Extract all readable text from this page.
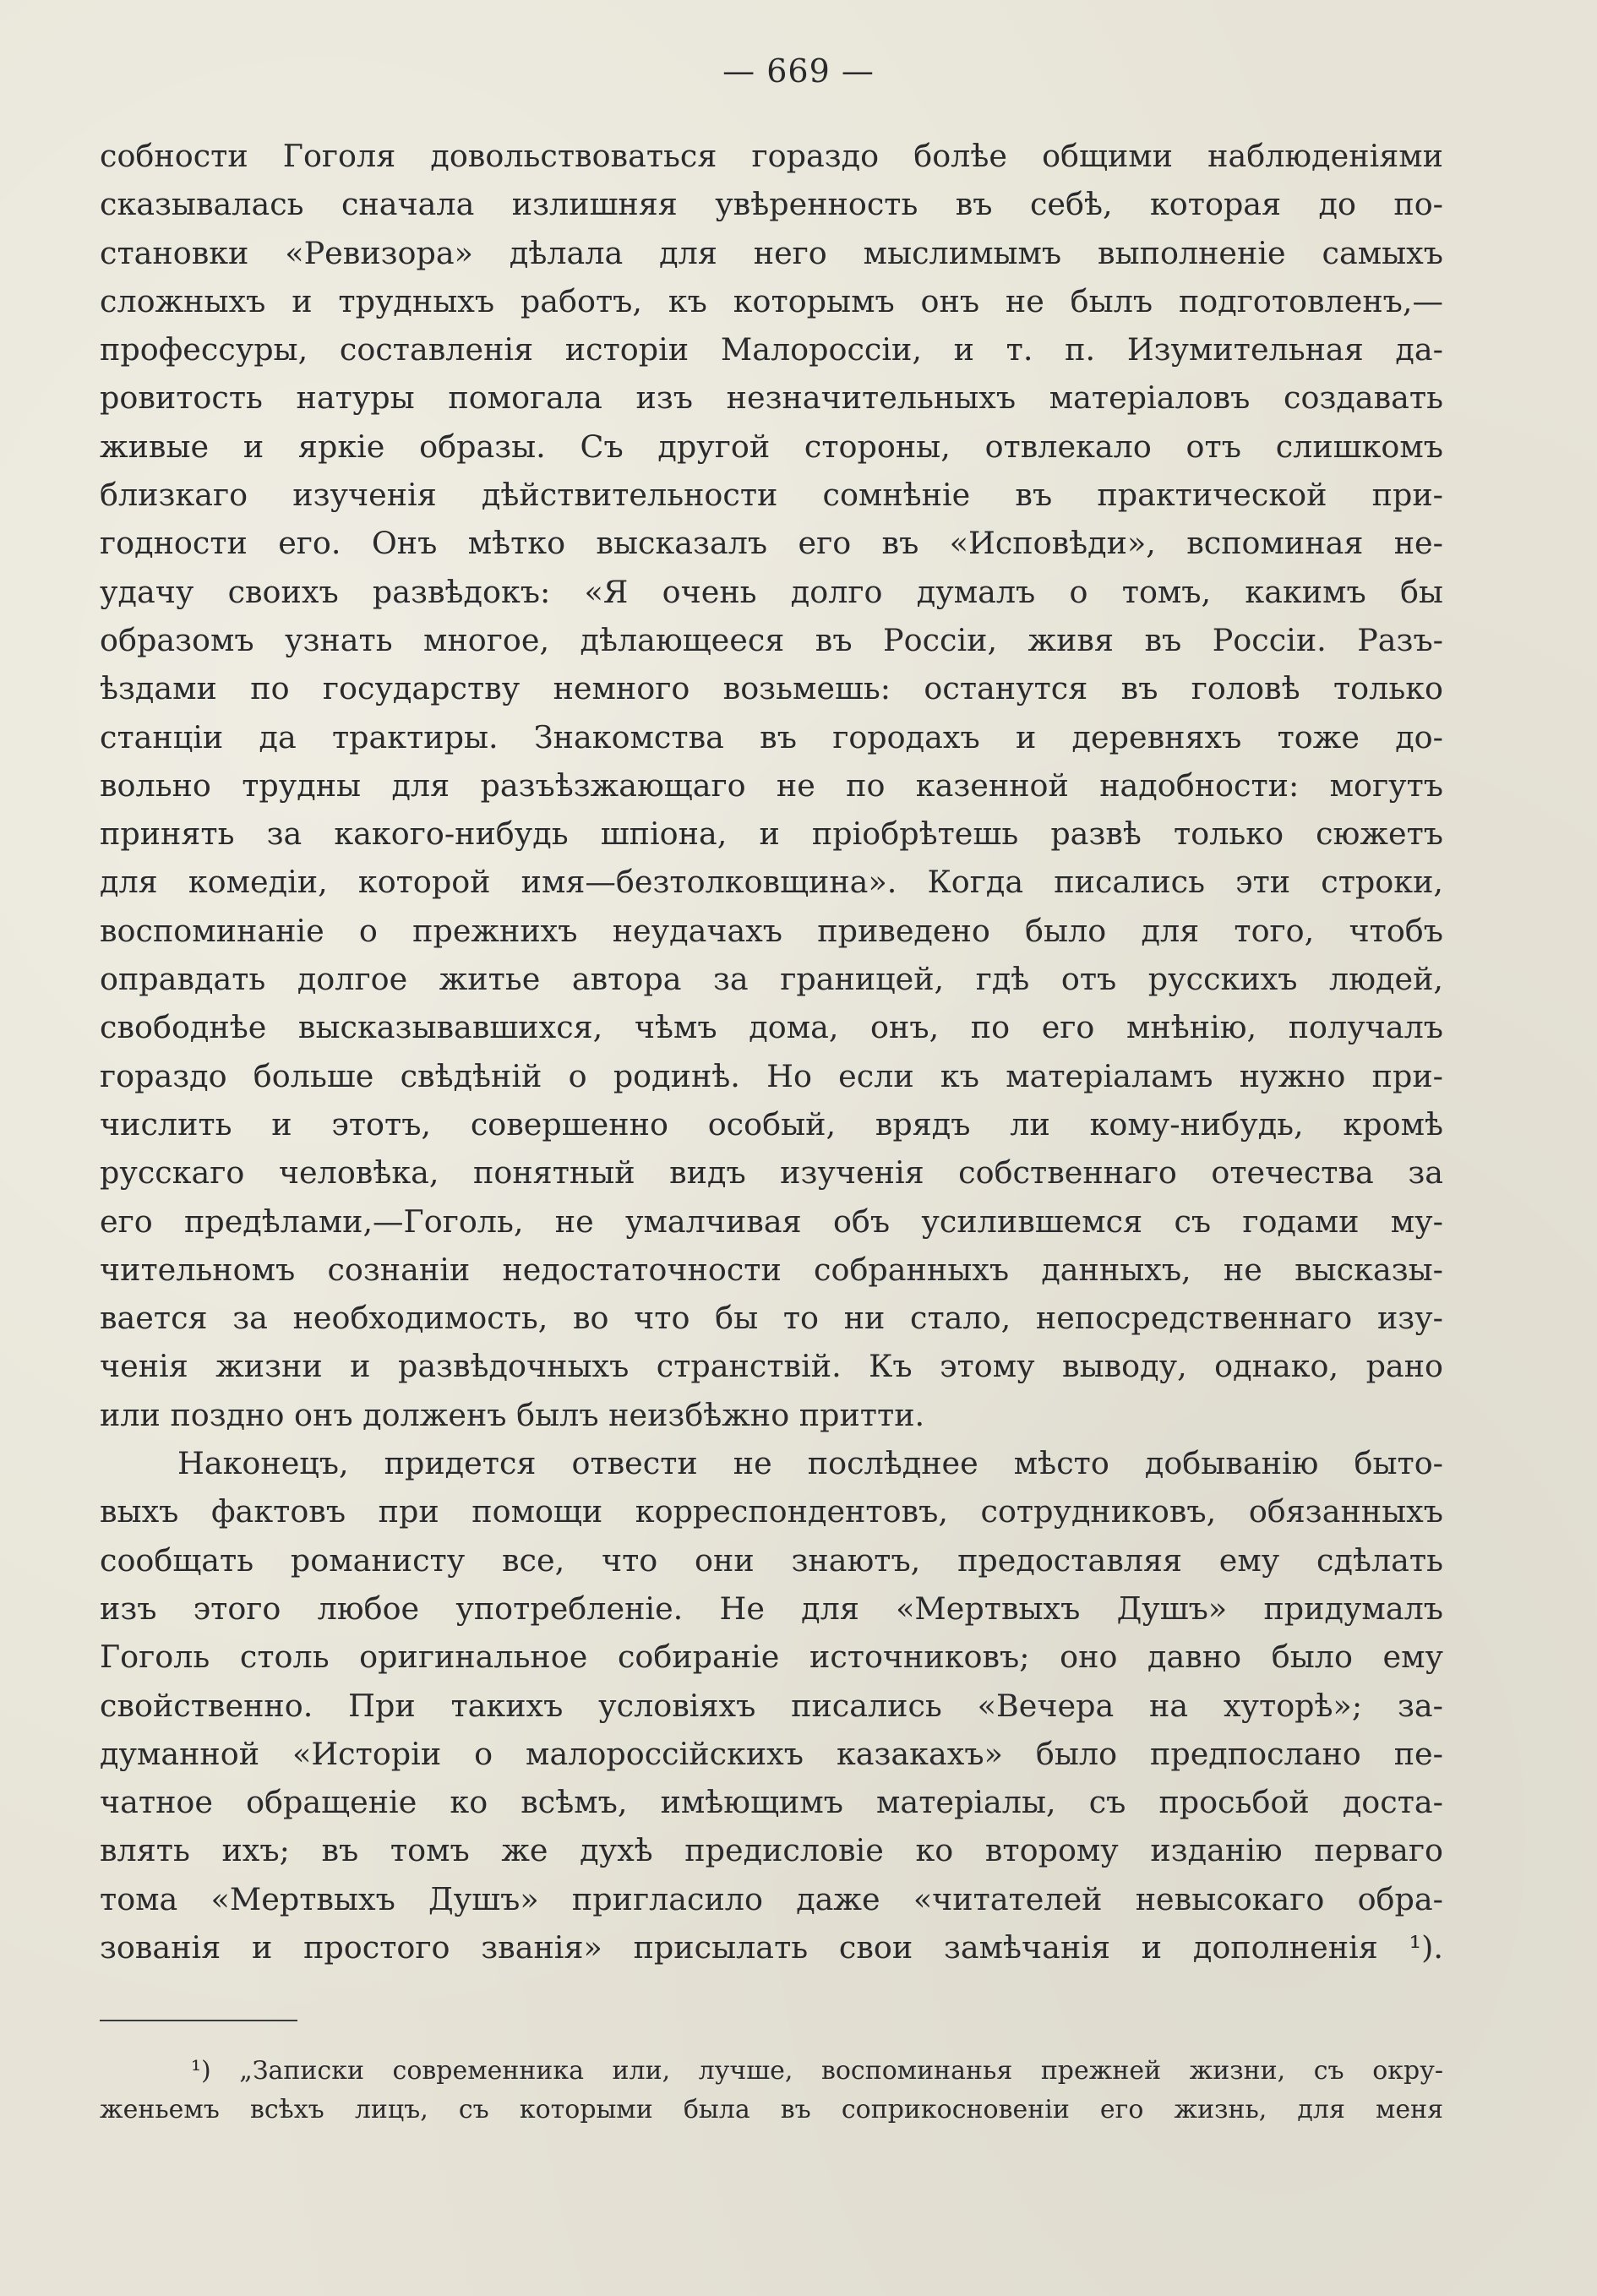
— 669 —
собности Гоголя довольствоваться гораздо болѣе общими наблюденіями
сказывалась сначала излишняя увѣренность въ себѣ, которая до по-
становки «Ревизора» дѣлала для него мыслимымъ выполненіе самыхъ
сложныхъ и трудныхъ работъ, къ которымъ онъ не былъ подготовленъ,—
профессуры, составленія исторіи Малороссіи, и т. п. Изумительная да-
ровитость натуры помогала изъ незначительныхъ матеріаловъ создавать
живые и яркіе образы. Съ другой стороны, отвлекало отъ слишкомъ
близкаго изученія дѣйствительности сомнѣніе въ практической при-
годности его. Онъ мѣтко высказалъ его въ «Исповѣди», вспоминая не-
удачу своихъ развѣдокъ: «Я очень долго думалъ о томъ, какимъ бы
образомъ узнать многое, дѣлающееся въ Россіи, живя въ Россіи. Разъ-
ѣздами по государству немного возьмешь: останутся въ головѣ только
станціи да трактиры. Знакомства въ городахъ и деревняхъ тоже до-
вольно трудны для разъѣзжающаго не по казенной надобности: могутъ
принять за какого-нибудь шпіона, и пріобрѣтешь развѣ только сюжетъ
для комедіи, которой имя—безтолковщина». Когда писались эти строки,
воспоминаніе о прежнихъ неудачахъ приведено было для того, чтобъ
оправдать долгое житье автора за границей, гдѣ отъ русскихъ людей,
свободнѣе высказывавшихся, чѣмъ дома, онъ, по его мнѣнію, получалъ
гораздо больше свѣдѣній о родинѣ. Но если къ матеріаламъ нужно при-
числить и этотъ, совершенно особый, врядъ ли кому-нибудь, кромѣ
русскаго человѣка, понятный видъ изученія собственнаго отечества за
его предѣлами,—Гоголь, не умалчивая объ усилившемся съ годами му-
чительномъ сознаніи недостаточности собранныхъ данныхъ, не высказы-
вается за необходимость, во что бы то ни стало, непосредственнаго изу-
ченія жизни и развѣдочныхъ странствій. Къ этому выводу, однако, рано
или поздно онъ долженъ былъ неизбѣжно притти.
Наконецъ, придется отвести не послѣднее мѣсто добыванію быто-
выхъ фактовъ при помощи корреспондентовъ, сотрудниковъ, обязанныхъ
сообщать романисту все, что они знаютъ, предоставляя ему сдѣлать
изъ этого любое употребленіе. Не для «Мертвыхъ Душъ» придумалъ
Гоголь столь оригинальное собираніе источниковъ; оно давно было ему
свойственно. При такихъ условіяхъ писались «Вечера на хуторѣ»; за-
думанной «Исторіи о малороссійскихъ казакахъ» было предпослано пе-
чатное обращеніе ко всѣмъ, имѣющимъ матеріалы, съ просьбой доста-
влять ихъ; въ томъ же духѣ предисловіе ко второму изданію перваго
тома «Мертвыхъ Душъ» пригласило даже «читателей невысокаго обра-
зованія и простого званія» присылать свои замѣчанія и дополненія ¹).
¹) „Записки современника или, лучше, воспоминанья прежней жизни, съ окру-
женьемъ всѣхъ лицъ, съ которыми была въ соприкосновеніи его жизнь, для меня
